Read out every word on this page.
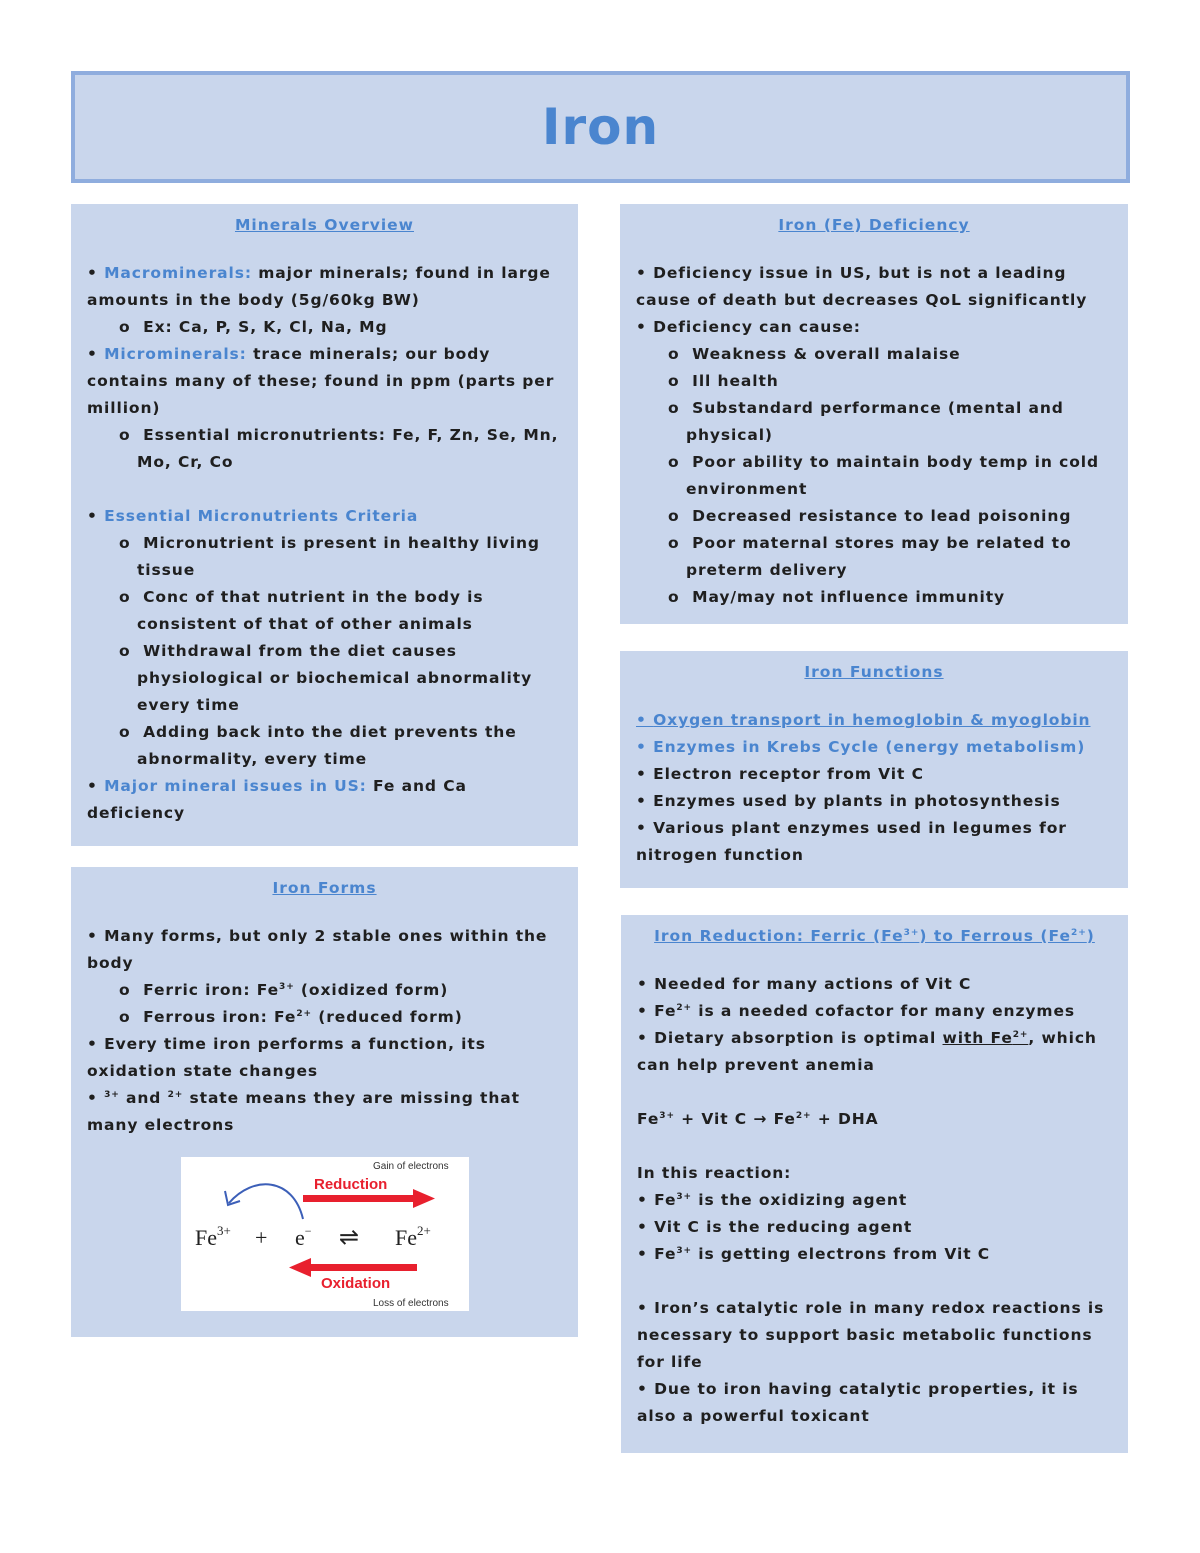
Iron
Minerals Overview
• Macrominerals: major minerals; found in large amounts in the body (5g/60kg BW)
o  Ex: Ca, P, S, K, Cl, Na, Mg
• Microminerals: trace minerals; our body contains many of these; found in ppm (parts per million)
o  Essential micronutrients: Fe, F, Zn, Se, Mn, Mo, Cr, Co
• Essential Micronutrients Criteria
o  Micronutrient is present in healthy living tissue
o  Conc of that nutrient in the body is consistent of that of other animals
o  Withdrawal from the diet causes physiological or biochemical abnormality every time
o  Adding back into the diet prevents the abnormality, every time
• Major mineral issues in US: Fe and Ca deficiency
Iron Forms
• Many forms, but only 2 stable ones within the body
o  Ferric iron: $Fe^{3+}$ (oxidized form)
o  Ferrous iron: $Fe^{2+}$ (reduced form)
• Every time iron performs a function, its oxidation state changes
• $^{3+}$ and $^{2+}$ state means they are missing that many electrons
Gain of electrons
Reduction
$Fe^{3+} + e^-$ ⇌ $Fe^{2+}$
Oxidation
Loss of electrons
Iron (Fe) Deficiency
• Deficiency issue in US, but is not a leading cause of death but decreases QoL significantly
• Deficiency can cause:
o  Weakness & overall malaise
o  Ill health
o  Substandard performance (mental and physical)
o  Poor ability to maintain body temp in cold environment
o  Decreased resistance to lead poisoning
o  Poor maternal stores may be related to preterm delivery
o  May/may not influence immunity
Iron Functions
• Oxygen transport in hemoglobin & myoglobin
• Enzymes in Krebs Cycle (energy metabolism)
• Electron receptor from Vit C
• Enzymes used by plants in photosynthesis
• Various plant enzymes used in legumes for nitrogen function
Iron Reduction: Ferric $(Fe^{3+})$ to Ferrous $(Fe^{2+})$
• Needed for many actions of Vit C
• $Fe^{2+}$ is a needed cofactor for many enzymes
• Dietary absorption is optimal with $Fe^{2+}$, which can help prevent anemia

$Fe^{3+}$ + Vit $C \to Fe^{2+}$ + DHA

In this reaction:

• $Fe^{3+}$ is the oxidizing agent
• Vit C is the reducing agent
• $Fe^{3+}$ is getting electrons from Vit C
• Iron’s catalytic role in many redox reactions is necessary to support basic metabolic functions for life
• Due to iron having catalytic properties, it is also a powerful toxicant
